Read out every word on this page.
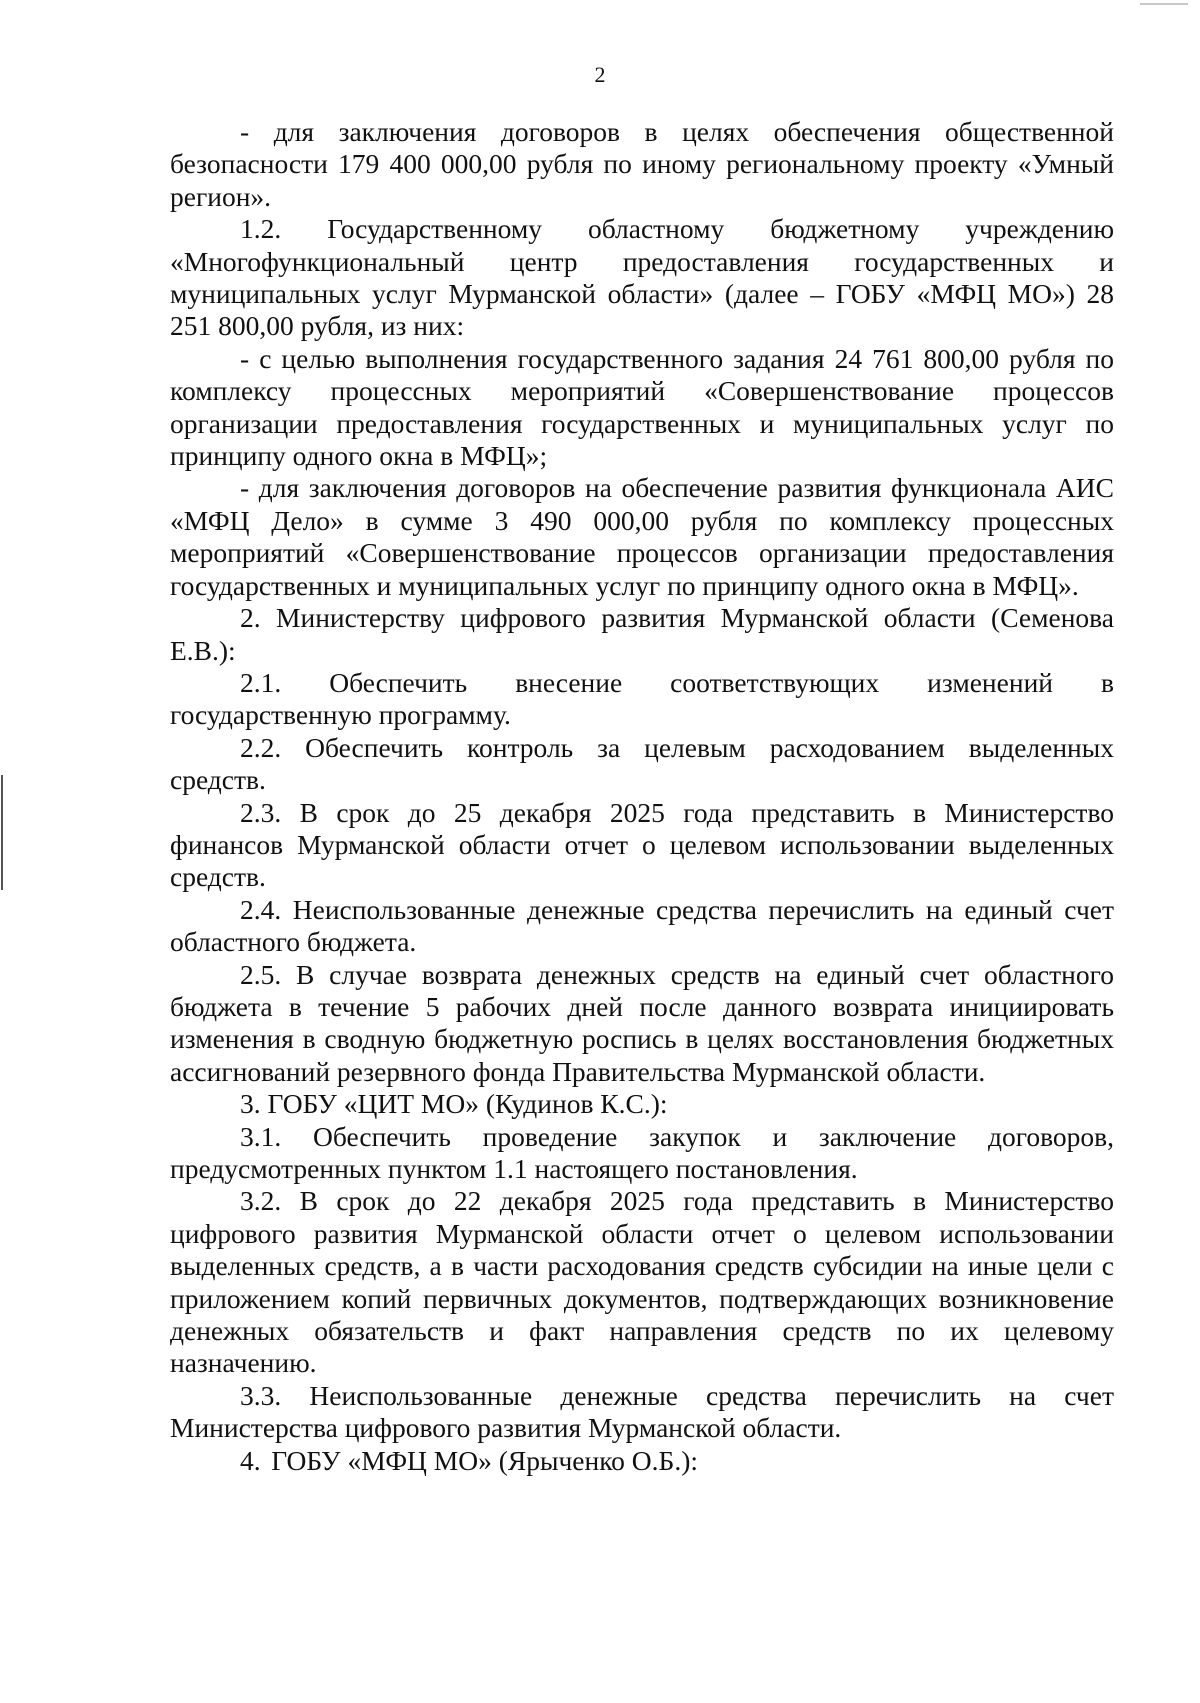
2

- для заключения договоров в целях обеспечения общественной безопасности 179 400 000,00 рубля по иному региональному проекту «Умный регион».

1.2. Государственному областному бюджетному учреждению «Многофункциональный центр предоставления государственных и муниципальных услуг Мурманской области» (далее – ГОБУ «МФЦ МО») 28 251 800,00 рубля, из них:

- с целью выполнения государственного задания 24 761 800,00 рубля по комплексу процессных мероприятий «Совершенствование процессов организации предоставления государственных и муниципальных услуг по принципу одного окна в МФЦ»;

- для заключения договоров на обеспечение развития функционала АИС «МФЦ Дело» в сумме 3 490 000,00 рубля по комплексу процессных мероприятий «Совершенствование процессов организации предоставления государственных и муниципальных услуг по принципу одного окна в МФЦ».

2. Министерству цифрового развития Мурманской области (Семенова Е.В.):

2.1. Обеспечить внесение соответствующих изменений в государственную программу.

2.2. Обеспечить контроль за целевым расходованием выделенных средств.

2.3. В срок до 25 декабря 2025 года представить в Министерство финансов Мурманской области отчет о целевом использовании выделенных средств.

2.4. Неиспользованные денежные средства перечислить на единый счет областного бюджета.

2.5. В случае возврата денежных средств на единый счет областного бюджета в течение 5 рабочих дней после данного возврата инициировать изменения в сводную бюджетную роспись в целях восстановления бюджетных ассигнований резервного фонда Правительства Мурманской области.

3. ГОБУ «ЦИТ МО» (Кудинов К.С.):

3.1. Обеспечить проведение закупок и заключение договоров, предусмотренных пунктом 1.1 настоящего постановления.

3.2. В срок до 22 декабря 2025 года представить в Министерство цифрового развития Мурманской области отчет о целевом использовании выделенных средств, а в части расходования средств субсидии на иные цели с приложением копий первичных документов, подтверждающих возникновение денежных обязательств и факт направления средств по их целевому назначению.

3.3. Неиспользованные денежные средства перечислить на счет Министерства цифрового развития Мурманской области.

4. ГОБУ «МФЦ МО» (Ярыченко О.Б.):
